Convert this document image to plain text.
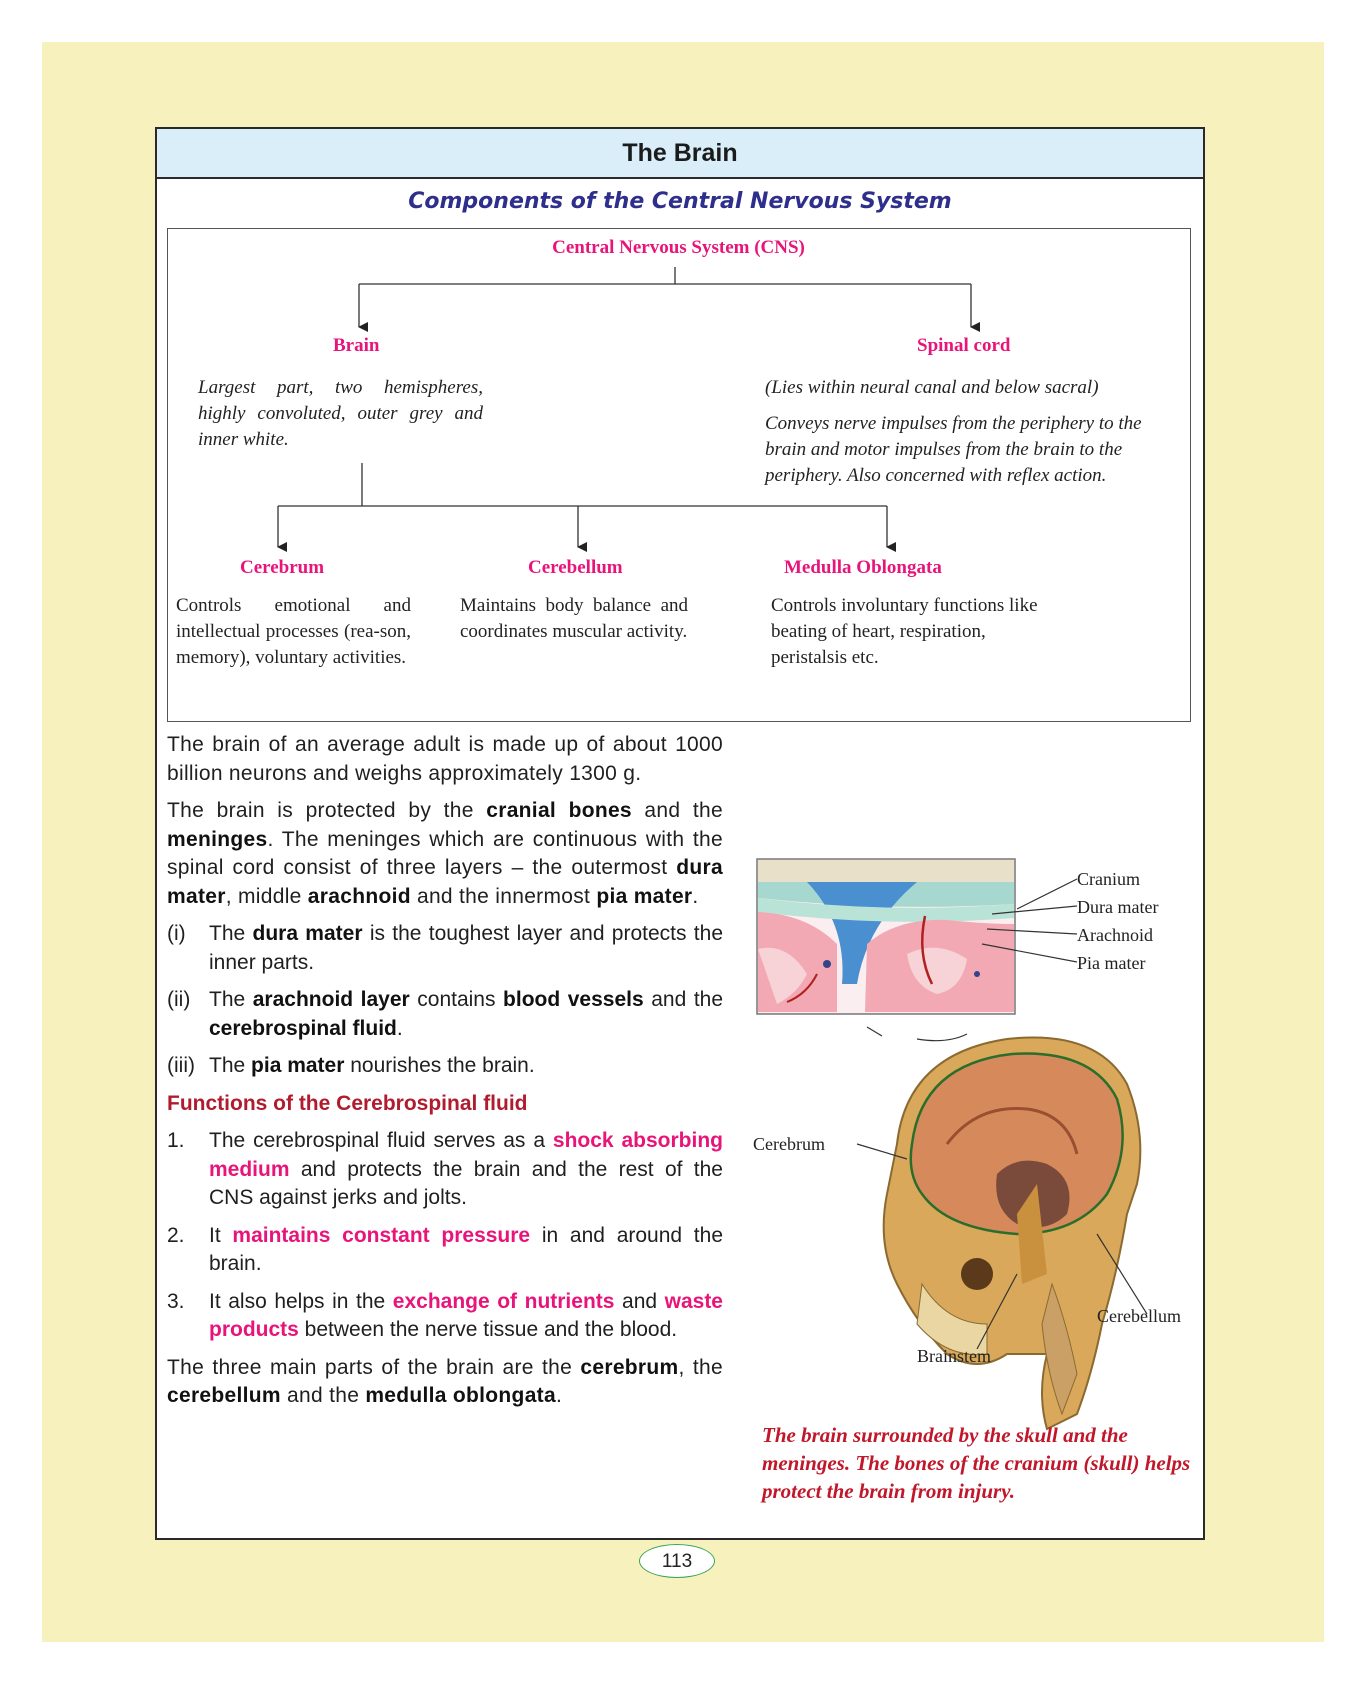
The Brain
Components of the Central Nervous System
Central Nervous System (CNS)
Brain
Largest part, two hemispheres, highly convoluted, outer grey and inner white.
Spinal cord
(Lies within neural canal and below sacral)
Conveys nerve impulses from the periphery to the brain and motor impulses from the brain to the periphery. Also concerned with reflex action.
Cerebrum
Controls emotional and intellectual processes (rea-son, memory), voluntary activities.
Cerebellum
Maintains body balance and coordinates muscular activity.
Medulla Oblongata
Controls involuntary functions like beating of heart, respiration, peristalsis etc.

The brain of an average adult is made up of about 1000 billion neurons and weighs approximately 1300 g.

The brain is protected by the cranial bones and the meninges. The meninges which are continuous with the spinal cord consist of three layers – the outermost dura mater, middle arachnoid and the innermost pia mater.

(i) The dura mater is the toughest layer and protects the inner parts.
(ii) The arachnoid layer contains blood vessels and the cerebrospinal fluid.
(iii) The pia mater nourishes the brain.
Functions of the Cerebrospinal fluid
1. The cerebrospinal fluid serves as a shock absorbing medium and protects the brain and the rest of the CNS against jerks and jolts.
2. It maintains constant pressure in and around the brain.
3. It also helps in the exchange of nutrients and waste products between the nerve tissue and the blood.

The three main parts of the brain are the cerebrum, the cerebellum and the medulla oblongata.

Cranium
Dura mater
Arachnoid
Pia mater
Cerebrum
Cerebellum
Brainstem
The brain surrounded by the skull and the meninges. The bones of the cranium (skull) helps protect the brain from injury.
113
